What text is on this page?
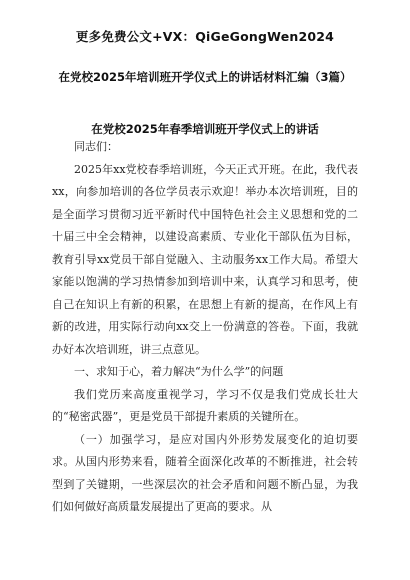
更多免费公文+VX：QiGeGongWen2024
在党校2025年培训班开学仪式上的讲话材料汇编（3篇）
在党校2025年春季培训班开学仪式上的讲话

同志们：

2025年xx党校春季培训班，今天正式开班。在此，我代表xx，向参加培训的各位学员表示欢迎！举办本次培训班，目的是全面学习贯彻习近平新时代中国特色社会主义思想和党的二十届三中全会精神，以建设高素质、专业化干部队伍为目标，教育引导xx党员干部自觉融入、主动服务xx工作大局。希望大家能以饱满的学习热情参加到培训中来，认真学习和思考，使自己在知识上有新的积累，在思想上有新的提高，在作风上有新的改进，用实际行动向xx交上一份满意的答卷。下面，我就办好本次培训班，讲三点意见。

一、求知于心，着力解决“为什么学”的问题

我们党历来高度重视学习，学习不仅是我们党成长壮大的“秘密武器”，更是党员干部提升素质的关键所在。

（一）加强学习，是应对国内外形势发展变化的迫切要求。从国内形势来看，随着全面深化改革的不断推进，社会转型到了关键期，一些深层次的社会矛盾和问题不断凸显，为我们如何做好高质量发展提出了更高的要求。从
